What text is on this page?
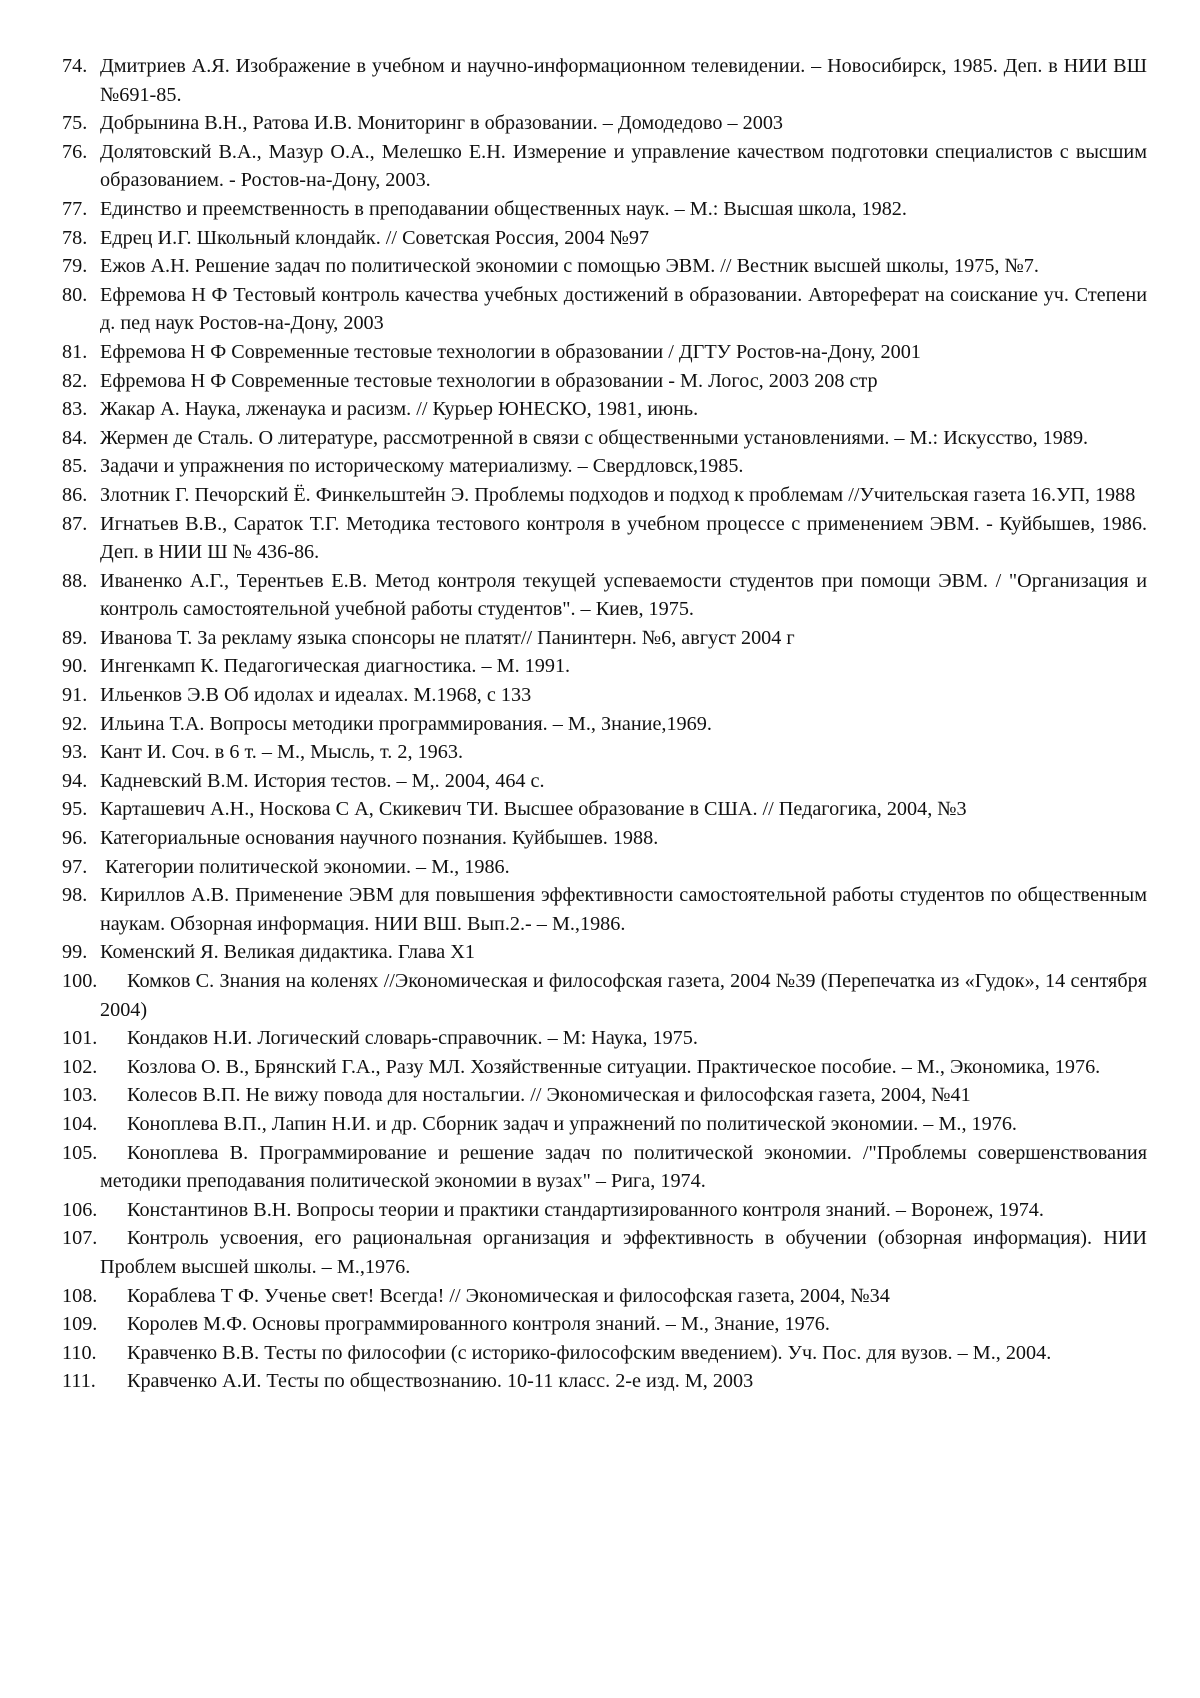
74. Дмитриев А.Я. Изображение в учебном и научно-информационном телевидении. – Новосибирск, 1985. Деп. в НИИ ВШ №691-85.
75. Добрынина В.Н., Ратова И.В. Мониторинг в образовании. – Домодедово – 2003
76. Долятовский В.А., Мазур О.А., Мелешко Е.Н. Измерение и управление качеством подготовки специалистов с высшим образованием. - Ростов-на-Дону, 2003.
77. Единство и преемственность в преподавании общественных наук. – М.: Высшая школа, 1982.
78. Едрец И.Г. Школьный клондайк. // Советская Россия, 2004 №97
79. Ежов А.Н. Решение задач по политической экономии с помощью ЭВМ. // Вестник высшей школы, 1975, №7.
80. Ефремова Н Ф Тестовый контроль качества учебных достижений в образовании. Автореферат на соискание уч. Степени д. пед наук Ростов-на-Дону, 2003
81. Ефремова Н Ф Современные тестовые технологии в образовании / ДГТУ Ростов-на-Дону, 2001
82. Ефремова Н Ф Современные тестовые технологии в образовании - М. Логос, 2003 208 стр
83. Жакар А. Наука, лженаука и расизм. // Курьер ЮНЕСКО, 1981, июнь.
84. Жермен де Сталь. О литературе, рассмотренной в связи с общественными установлениями. – М.: Искусство, 1989.
85. Задачи и упражнения по историческому материализму. – Свердловск,1985.
86. Злотник Г. Печорский Ё. Финкельштейн Э. Проблемы подходов и подход к проблемам //Учительская газета 16.УП, 1988
87. Игнатьев В.В., Сараток Т.Г. Методика тестового контроля в учебном процессе с применением ЭВМ. - Куйбышев, 1986. Деп. в НИИ Ш № 436-86.
88. Иваненко А.Г., Терентьев Е.В. Метод контроля текущей успеваемости студентов при помощи ЭВМ. / "Организация и контроль самостоятельной учебной работы студентов". – Киев, 1975.
89. Иванова Т. За рекламу языка спонсоры не платят// Панинтерн. №6, август 2004 г
90. Ингенкамп К. Педагогическая диагностика. – М. 1991.
91. Ильенков Э.В Об идолах и идеалах. М.1968, с 133
92. Ильина Т.А. Вопросы методики программирования. – М., Знание,1969.
93. Кант И. Соч. в 6 т. – М., Мысль, т. 2, 1963.
94. Кадневский В.М. История тестов. – М,. 2004, 464 с.
95. Карташевич А.Н., Носкова С А, Скикевич ТИ. Высшее образование в США. // Педагогика, 2004, №3
96. Категориальные основания научного познания. Куйбышев. 1988.
97. Категории политической экономии. – М., 1986.
98. Кириллов А.В. Применение ЭВМ для повышения эффективности самостоятельной работы студентов по общественным наукам. Обзорная информация. НИИ ВШ. Вып.2.- – М.,1986.
99. Коменский Я. Великая дидактика. Глава Х1
100. Комков С. Знания на коленях //Экономическая и философская газета, 2004 №39 (Перепечатка из «Гудок», 14 сентября 2004)
101. Кондаков Н.И. Логический словарь-справочник. – М: Наука, 1975.
102. Козлова О. В., Брянский Г.А., Разу МЛ. Хозяйственные ситуации. Практическое пособие. – М., Экономика, 1976.
103. Колесов В.П. Не вижу повода для ностальгии. // Экономическая и философская газета, 2004, №41
104. Коноплева В.П., Лапин Н.И. и др. Сборник задач и упражнений по политической экономии. – М., 1976.
105. Коноплева В. Программирование и решение задач по политической экономии. /"Проблемы совершенствования методики преподавания политической экономии в вузах" – Рига, 1974.
106. Константинов В.Н. Вопросы теории и практики стандартизированного контроля знаний. – Воронеж, 1974.
107. Контроль усвоения, его рациональная организация и эффективность в обучении (обзорная информация). НИИ Проблем высшей школы. – М.,1976.
108. Кораблева Т Ф. Ученье свет! Всегда! // Экономическая и философская газета, 2004, №34
109. Королев М.Ф. Основы программированного контроля знаний. – М., Знание, 1976.
110. Кравченко В.В. Тесты по философии (с историко-философским введением). Уч. Пос. для вузов. – М., 2004.
111. Кравченко А.И. Тесты по обществознанию. 10-11 класс. 2-е изд. М, 2003
